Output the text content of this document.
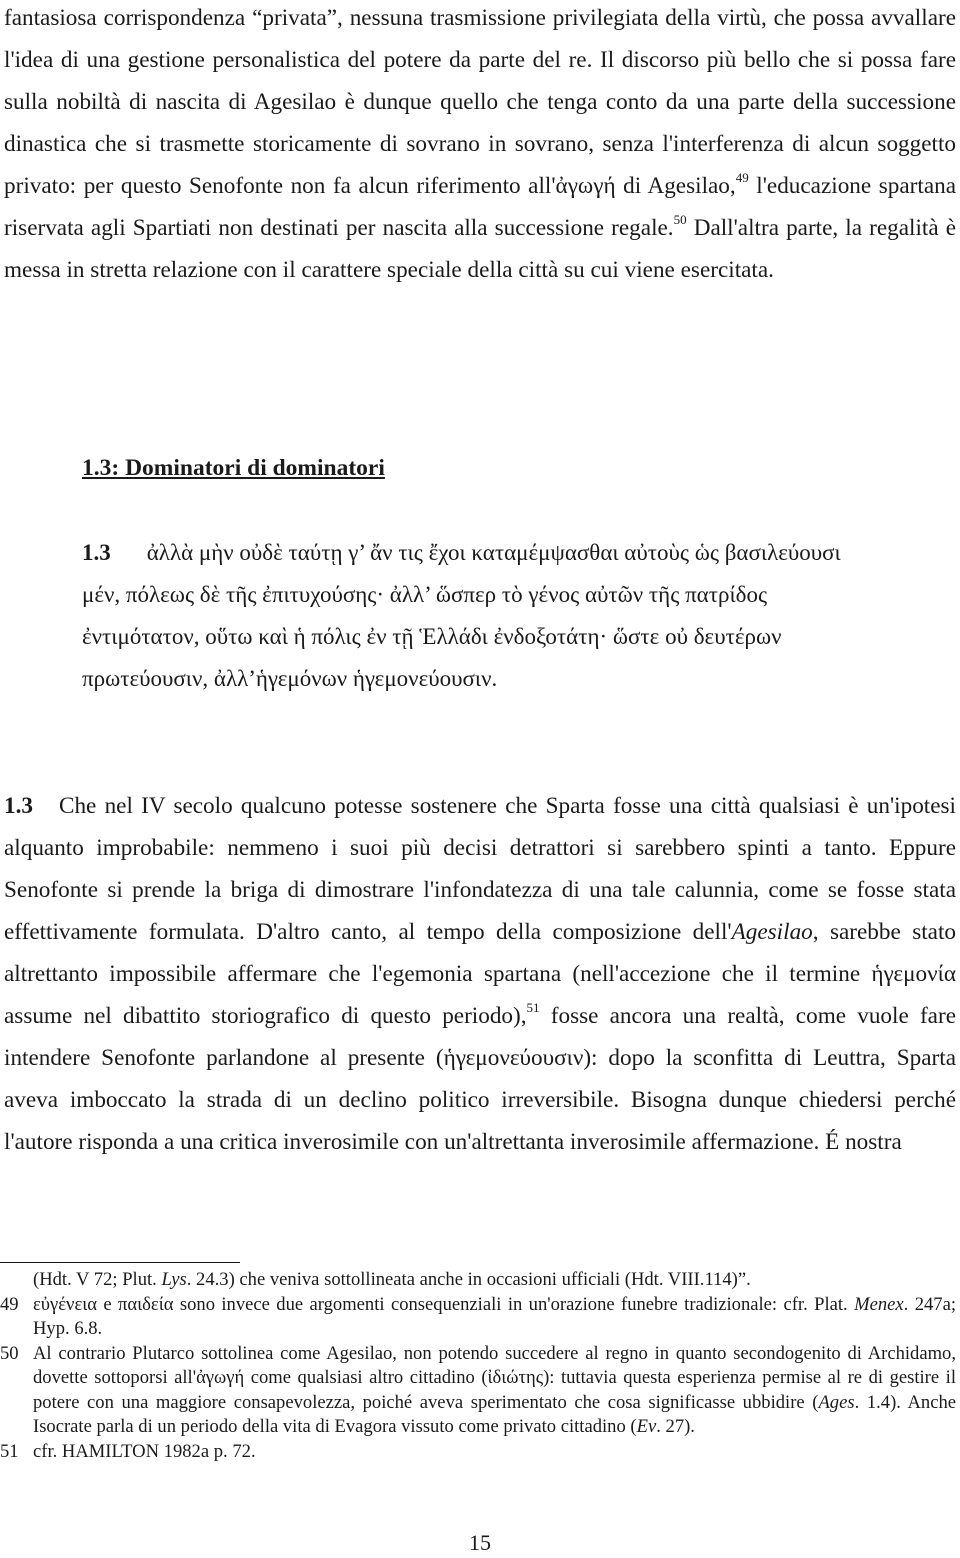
fantasiosa corrispondenza “privata”, nessuna trasmissione privilegiata della virtù, che possa avvallare l'idea di una gestione personalistica del potere da parte del re. Il discorso più bello che si possa fare sulla nobiltà di nascita di Agesilao è dunque quello che tenga conto da una parte della successione dinastica che si trasmette storicamente di sovrano in sovrano, senza l'interferenza di alcun soggetto privato: per questo Senofonte non fa alcun riferimento all'ἀγωγή di Agesilao,$^{49}$ l'educazione spartana riservata agli Spartiati non destinati per nascita alla successione regale.$^{50}$ Dall'altra parte, la regalità è messa in stretta relazione con il carattere speciale della città su cui viene esercitata.

1.3: Dominatori di dominatori

1.3 ἀλλὰ μὴν οὐδὲ ταύτῃ γ’ ἄν τις ἔχοι καταμέμψασθαι αὐτοὺς ὡς βασιλεύουσι μέν, πόλεως δὲ τῆς ἐπιτυχούσης· ἀλλ’ ὥσπερ τὸ γένος αὐτῶν τῆς πατρίδος ἐντιμότατον, οὕτω καὶ ἡ πόλις ἐν τῇ Ἑλλάδι ἐνδοξοτάτη· ὥστε οὐ δευτέρων πρωτεύουσιν, ἀλλ’ἡγεμόνων ἡγεμονεύουσιν.

1.3 Che nel IV secolo qualcuno potesse sostenere che Sparta fosse una città qualsiasi è un'ipotesi alquanto improbabile: nemmeno i suoi più decisi detrattori si sarebbero spinti a tanto. Eppure Senofonte si prende la briga di dimostrare l'infondatezza di una tale calunnia, come se fosse stata effettivamente formulata. D'altro canto, al tempo della composizione dell'Agesilao, sarebbe stato altrettanto impossibile affermare che l'egemonia spartana (nell'accezione che il termine ἡγεμονία assume nel dibattito storiografico di questo periodo),$^{51}$ fosse ancora una realtà, come vuole fare intendere Senofonte parlandone al presente (ἡγεμονεύουσιν): dopo la sconfitta di Leuttra, Sparta aveva imboccato la strada di un declino politico irreversibile. Bisogna dunque chiedersi perché l'autore risponda a una critica inverosimile con un'altrettanta inverosimile affermazione. É nostra

(Hdt. V 72; Plut. Lys. 24.3) che veniva sottollineata anche in occasioni ufficiali (Hdt. VIII.114)”.

49 εὐγένεια e παιδεία sono invece due argomenti consequenziali in un'orazione funebre tradizionale: cfr. Plat. Menex. 247a; Hyp. 6.8.

50 Al contrario Plutarco sottolinea come Agesilao, non potendo succedere al regno in quanto secondogenito di Archidamo, dovette sottoporsi all'ἀγωγή come qualsiasi altro cittadino (ἰδιώτης): tuttavia questa esperienza permise al re di gestire il potere con una maggiore consapevolezza, poiché aveva sperimentato che cosa significasse ubbidire (Ages. 1.4). Anche Isocrate parla di un periodo della vita di Evagora vissuto come privato cittadino (Ev. 27).

51 cfr. HAMILTON 1982a p. 72.

15
